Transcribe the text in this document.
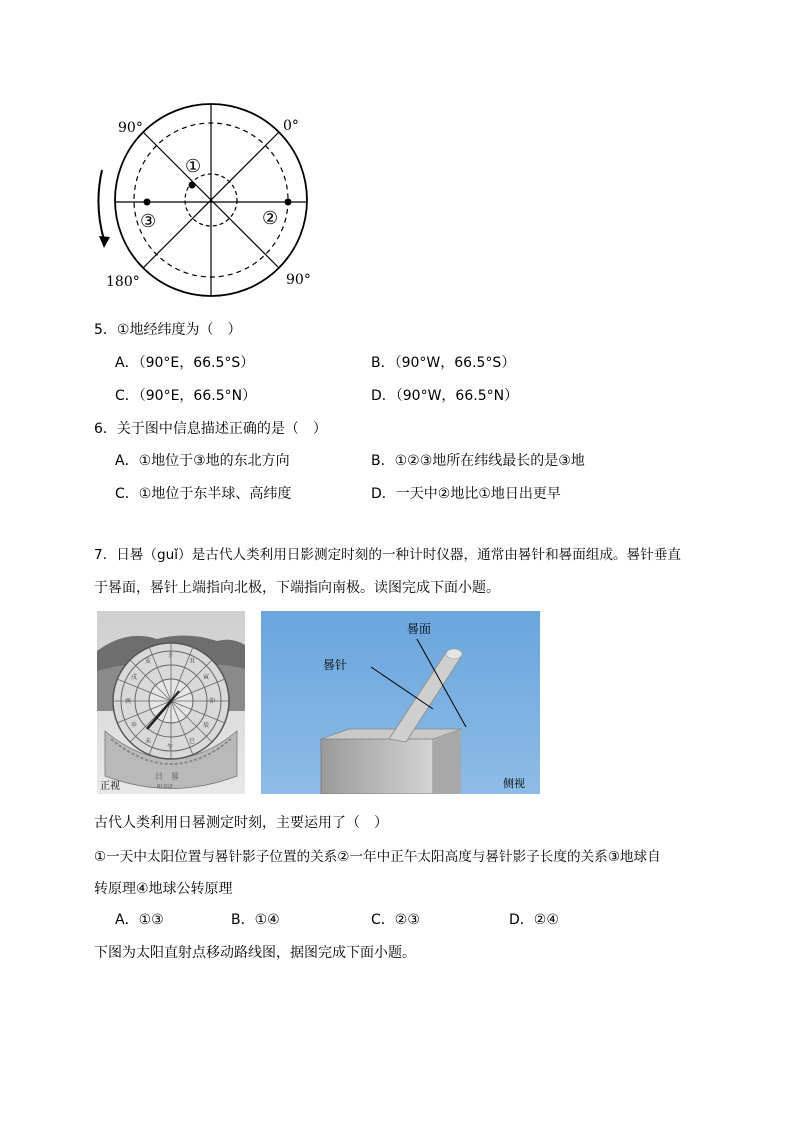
①
②
③
90°	0°
180°	90°
5．①地经纬度为（　）
A．（90°E，66.5°S）	B．（90°W，66.5°S）
C．（90°E，66.5°N）	D．（90°W，66.5°N）
6．关于图中信息描述正确的是（　）
A．①地位于③地的东北方向	B．①②③地所在纬线最长的是③地
C．①地位于东半球、高纬度	D．一天中②地比①地日出更早
7．日晷（guǐ）是古代人类利用日影测定时刻的一种计时仪器，通常由晷针和晷面组成。晷针垂直
于晷面，晷针上端指向北极，下端指向南极。读图完成下面小题。
子
丑
寅
卯
辰
巳
午
未
申
酉
戌
亥
正视
日　晷
RI GUI
晷面
晷针
侧视
古代人类利用日晷测定时刻，主要运用了（　）
①一天中太阳位置与晷针影子位置的关系②一年中正午太阳高度与晷针影子长度的关系③地球自
转原理④地球公转原理
A．①③	B．①④	C．②③	D．②④
下图为太阳直射点移动路线图，据图完成下面小题。
